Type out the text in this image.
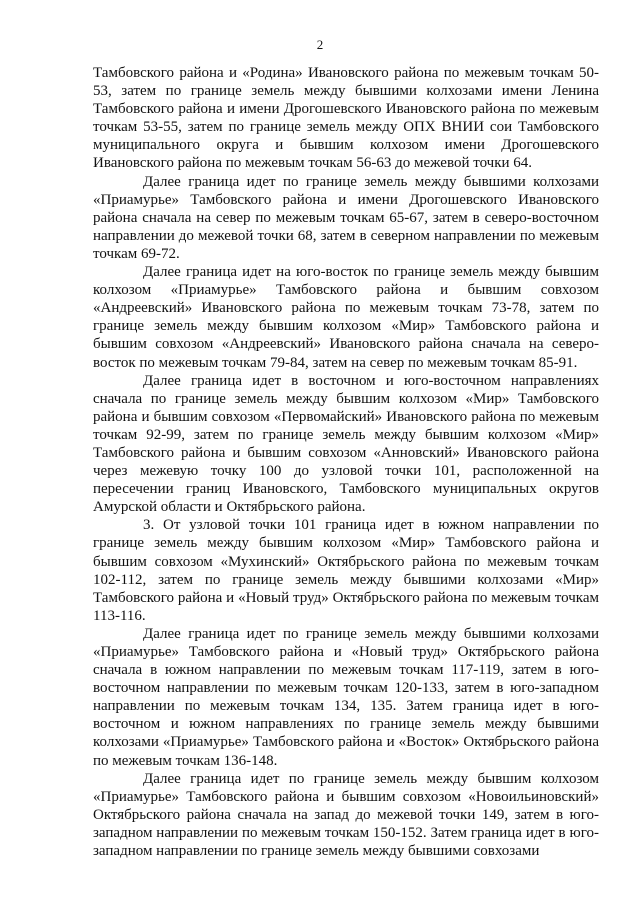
2

Тамбовского района и «Родина» Ивановского района по межевым точкам 50-53, затем по границе земель между бывшими колхозами имени Ленина Тамбовского района и имени Дрогошевского Ивановского района по межевым точкам 53-55, затем по границе земель между ОПХ ВНИИ сои Тамбовского муниципального округа и бывшим колхозом имени Дрогошевского Ивановского района по межевым точкам 56-63 до межевой точки 64.

Далее граница идет по границе земель между бывшими колхозами «Приамурье» Тамбовского района и имени Дрогошевского Ивановского района сначала на север по межевым точкам 65-67, затем в северо-восточном направлении до межевой точки 68, затем в северном направлении по межевым точкам 69-72.

Далее граница идет на юго-восток по границе земель между бывшим колхозом «Приамурье» Тамбовского района и бывшим совхозом «Андреевский» Ивановского района по межевым точкам 73-78, затем по границе земель между бывшим колхозом «Мир» Тамбовского района и бывшим совхозом «Андреевский» Ивановского района сначала на северо-восток по межевым точкам 79-84, затем на север по межевым точкам 85-91.

Далее граница идет в восточном и юго-восточном направлениях сначала по границе земель между бывшим колхозом «Мир» Тамбовского района и бывшим совхозом «Первомайский» Ивановского района по межевым точкам 92-99, затем по границе земель между бывшим колхозом «Мир» Тамбовского района и бывшим совхозом «Анновский» Ивановского района через межевую точку 100 до узловой точки 101, расположенной на пересечении границ Ивановского, Тамбовского муниципальных округов Амурской области и Октябрьского района.

3. От узловой точки 101 граница идет в южном направлении по границе земель между бывшим колхозом «Мир» Тамбовского района и бывшим совхозом «Мухинский» Октябрьского района по межевым точкам 102-112, затем по границе земель между бывшими колхозами «Мир» Тамбовского района и «Новый труд» Октябрьского района по межевым точкам 113-116.

Далее граница идет по границе земель между бывшими колхозами «Приамурье» Тамбовского района и «Новый труд» Октябрьского района сначала в южном направлении по межевым точкам 117-119, затем в юго-восточном направлении по межевым точкам 120-133, затем в юго-западном направлении по межевым точкам 134, 135. Затем граница идет в юго-восточном и южном направлениях по границе земель между бывшими колхозами «Приамурье» Тамбовского района и «Восток» Октябрьского района по межевым точкам 136-148.

Далее граница идет по границе земель между бывшим колхозом «Приамурье» Тамбовского района и бывшим совхозом «Новоильиновский» Октябрьского района сначала на запад до межевой точки 149, затем в юго-западном направлении по межевым точкам 150-152. Затем граница идет в юго-западном направлении по границе земель между бывшими совхозами
